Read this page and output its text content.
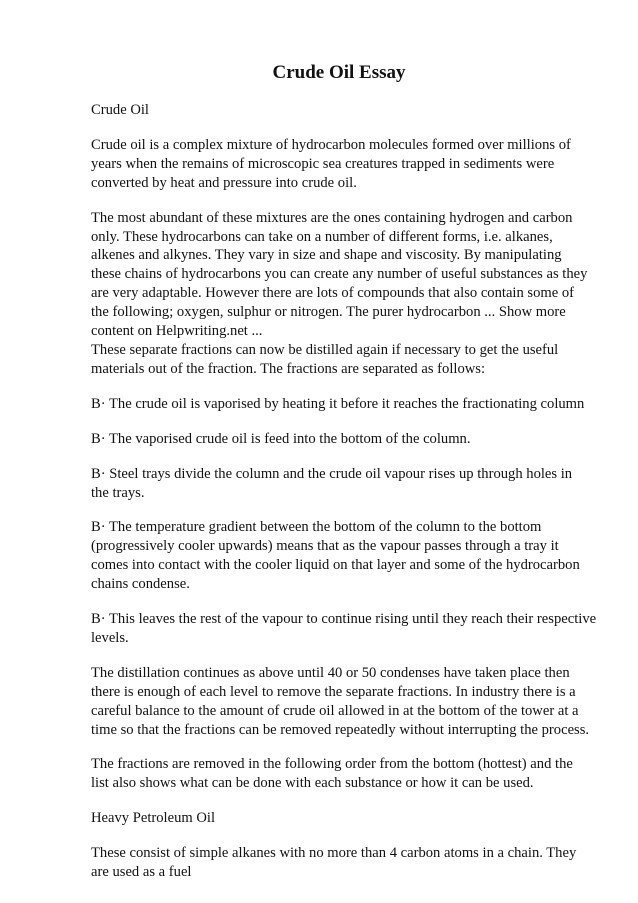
Crude Oil Essay

Crude Oil

Crude oil is a complex mixture of hydrocarbon molecules formed over millions of
years when the remains of microscopic sea creatures trapped in sediments were
converted by heat and pressure into crude oil.

The most abundant of these mixtures are the ones containing hydrogen and carbon
only. These hydrocarbons can take on a number of different forms, i.e. alkanes,
alkenes and alkynes. They vary in size and shape and viscosity. By manipulating
these chains of hydrocarbons you can create any number of useful substances as they
are very adaptable. However there are lots of compounds that also contain some of
the following; oxygen, sulphur or nitrogen. The purer hydrocarbon ... Show more
content on Helpwriting.net ...

These separate fractions can now be distilled again if necessary to get the useful
materials out of the fraction. The fractions are separated as follows:

B· The crude oil is vaporised by heating it before it reaches the fractionating column

B· The vaporised crude oil is feed into the bottom of the column.

B· Steel trays divide the column and the crude oil vapour rises up through holes in
the trays.

B· The temperature gradient between the bottom of the column to the bottom
(progressively cooler upwards) means that as the vapour passes through a tray it
comes into contact with the cooler liquid on that layer and some of the hydrocarbon
chains condense.

B· This leaves the rest of the vapour to continue rising until they reach their respective
levels.

The distillation continues as above until 40 or 50 condenses have taken place then
there is enough of each level to remove the separate fractions. In industry there is a
careful balance to the amount of crude oil allowed in at the bottom of the tower at a
time so that the fractions can be removed repeatedly without interrupting the process.

The fractions are removed in the following order from the bottom (hottest) and the
list also shows what can be done with each substance or how it can be used.

Heavy Petroleum Oil

These consist of simple alkanes with no more than 4 carbon atoms in a chain. They
are used as a fuel
